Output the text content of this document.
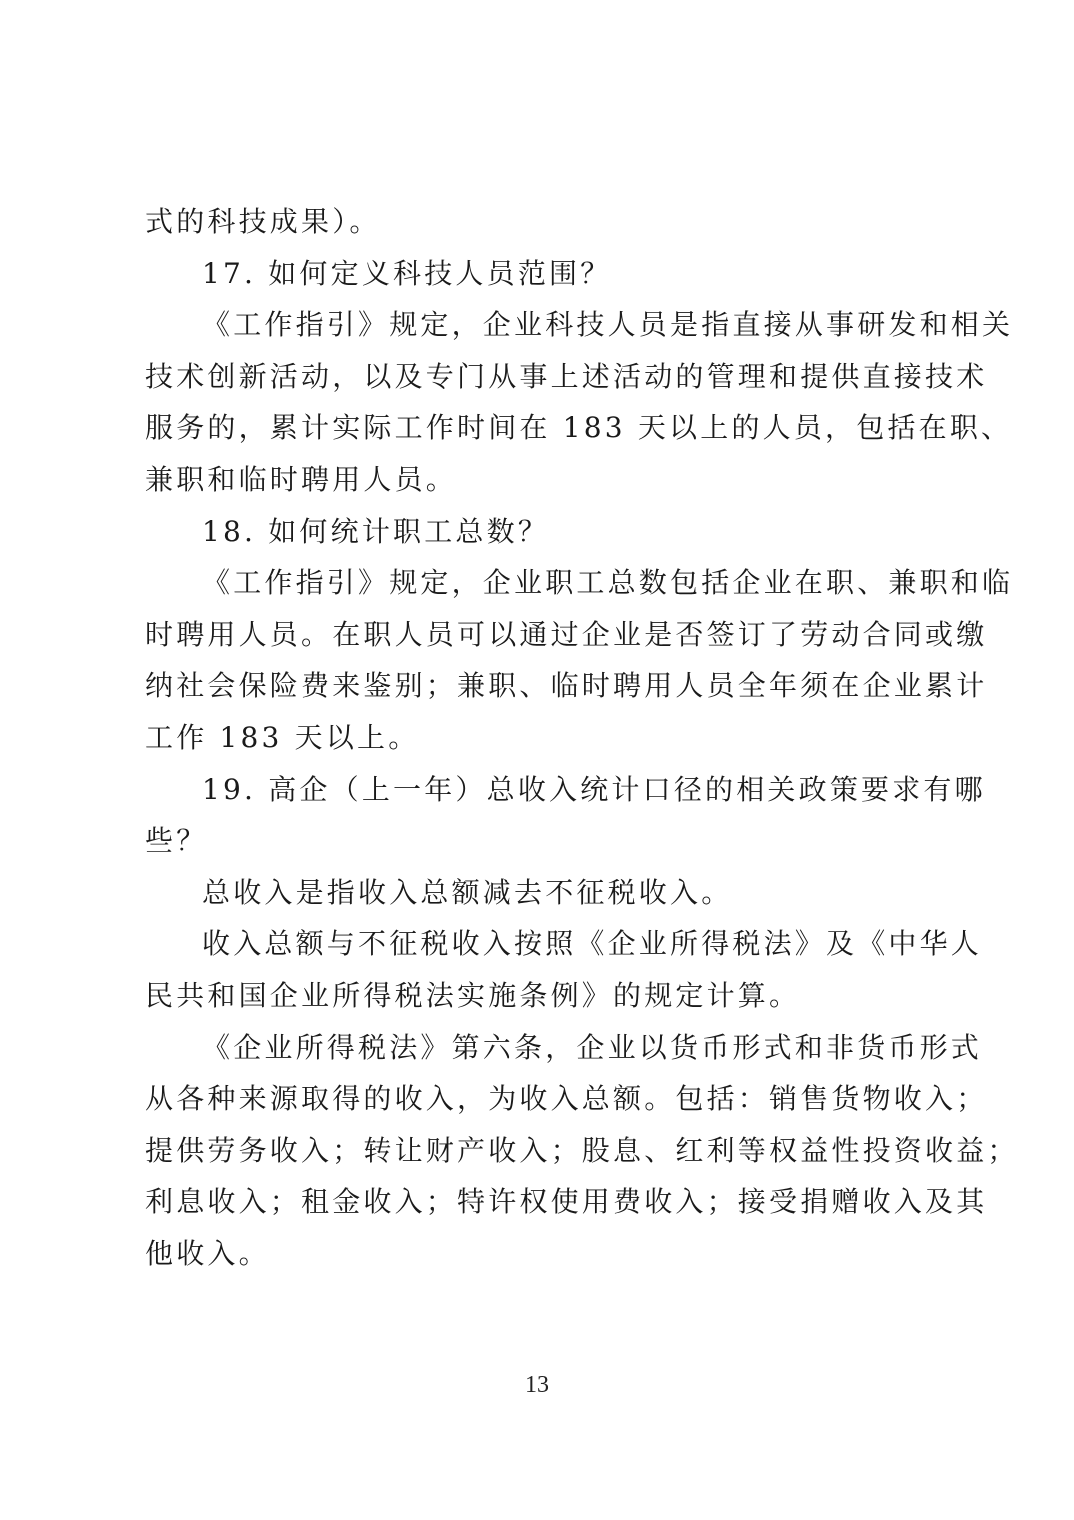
式的科技成果）。
17. 如何定义科技人员范围？
《工作指引》规定，企业科技人员是指直接从事研发和相关
技术创新活动，以及专门从事上述活动的管理和提供直接技术
服务的，累计实际工作时间在 183 天以上的人员，包括在职、
兼职和临时聘用人员。
18. 如何统计职工总数？
《工作指引》规定，企业职工总数包括企业在职、兼职和临
时聘用人员。在职人员可以通过企业是否签订了劳动合同或缴
纳社会保险费来鉴别；兼职、临时聘用人员全年须在企业累计
工作 183 天以上。
19. 高企（上一年）总收入统计口径的相关政策要求有哪
些？
总收入是指收入总额减去不征税收入。
收入总额与不征税收入按照《企业所得税法》及《中华人
民共和国企业所得税法实施条例》的规定计算。
《企业所得税法》第六条，企业以货币形式和非货币形式
从各种来源取得的收入，为收入总额。包括：销售货物收入；
提供劳务收入；转让财产收入；股息、红利等权益性投资收益；
利息收入；租金收入；特许权使用费收入；接受捐赠收入及其
他收入。
13
